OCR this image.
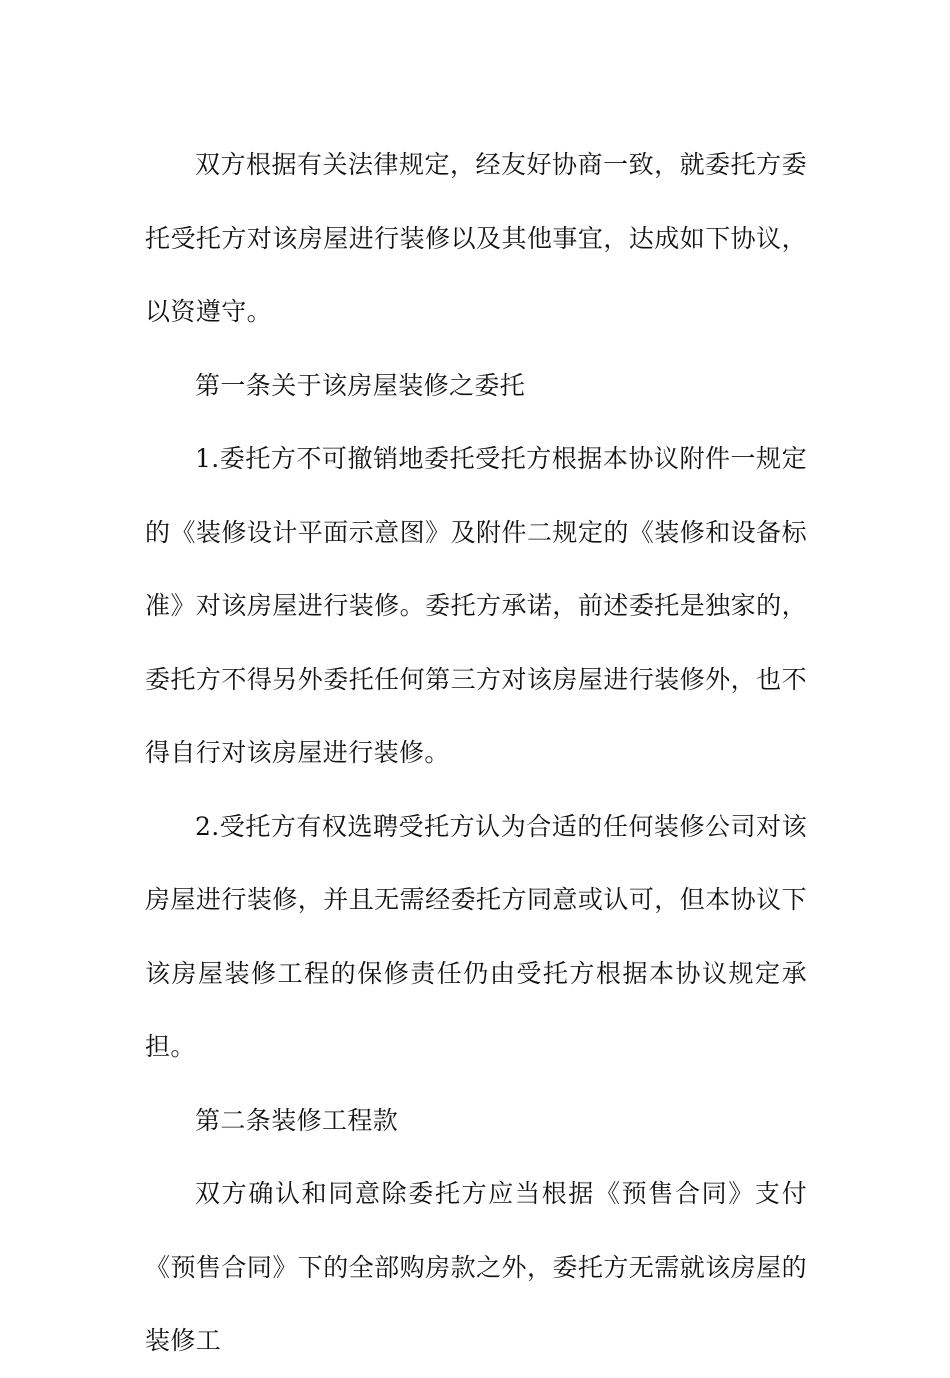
双方根据有关法律规定，经友好协商一致，就委托方委托受托方对该房屋进行装修以及其他事宜，达成如下协议，以资遵守。

第一条关于该房屋装修之委托

1.委托方不可撤销地委托受托方根据本协议附件一规定的《装修设计平面示意图》及附件二规定的《装修和设备标准》对该房屋进行装修。委托方承诺，前述委托是独家的，委托方不得另外委托任何第三方对该房屋进行装修外，也不得自行对该房屋进行装修。

2.受托方有权选聘受托方认为合适的任何装修公司对该房屋进行装修，并且无需经委托方同意或认可，但本协议下该房屋装修工程的保修责任仍由受托方根据本协议规定承担。

第二条装修工程款

双方确认和同意除委托方应当根据《预售合同》支付《预售合同》下的全部购房款之外，委托方无需就该房屋的装修工
